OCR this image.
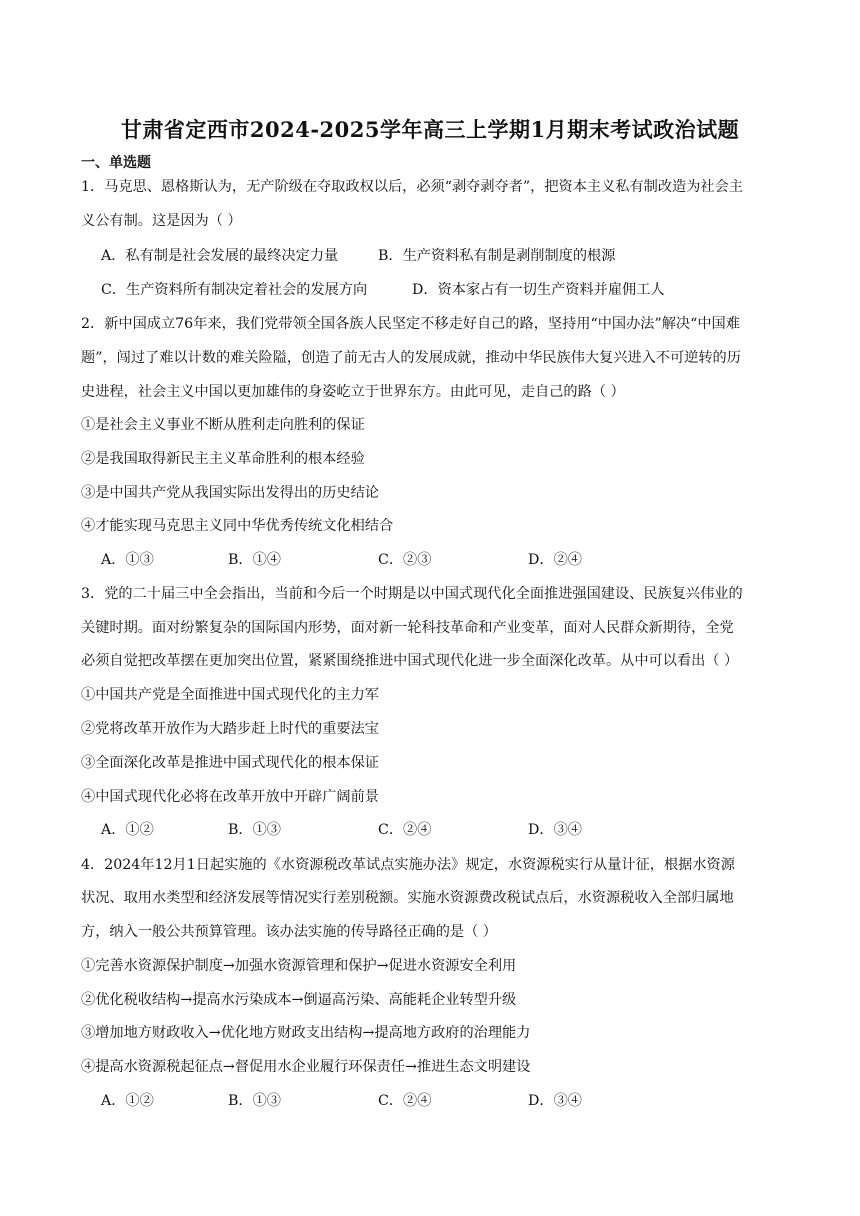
甘肃省定西市2024-2025学年高三上学期1月期末考试政治试题
一、单选题
1．马克思、恩格斯认为，无产阶级在夺取政权以后，必须“剥夺剥夺者”，把资本主义私有制改造为社会主
义公有制。这是因为（ ）
A．私有制是社会发展的最终决定力量	B．生产资料私有制是剥削制度的根源
C．生产资料所有制决定着社会的发展方向	D．资本家占有一切生产资料并雇佣工人
2．新中国成立76年来，我们党带领全国各族人民坚定不移走好自己的路，坚持用“中国办法”解决“中国难
题”，闯过了难以计数的难关险隘，创造了前无古人的发展成就，推动中华民族伟大复兴进入不可逆转的历
史进程，社会主义中国以更加雄伟的身姿屹立于世界东方。由此可见，走自己的路（ ）
①是社会主义事业不断从胜利走向胜利的保证
②是我国取得新民主主义革命胜利的根本经验
③是中国共产党从我国实际出发得出的历史结论
④才能实现马克思主义同中华优秀传统文化相结合
A．①③	B．①④	C．②③	D．②④
3．党的二十届三中全会指出，当前和今后一个时期是以中国式现代化全面推进强国建设、民族复兴伟业的
关键时期。面对纷繁复杂的国际国内形势，面对新一轮科技革命和产业变革，面对人民群众新期待，全党
必须自觉把改革摆在更加突出位置，紧紧围绕推进中国式现代化进一步全面深化改革。从中可以看出（ ）
①中国共产党是全面推进中国式现代化的主力军
②党将改革开放作为大踏步赶上时代的重要法宝
③全面深化改革是推进中国式现代化的根本保证
④中国式现代化必将在改革开放中开辟广阔前景
A．①②	B．①③	C．②④	D．③④
4．2024年12月1日起实施的《水资源税改革试点实施办法》规定，水资源税实行从量计征，根据水资源
状况、取用水类型和经济发展等情况实行差别税额。实施水资源费改税试点后，水资源税收入全部归属地
方，纳入一般公共预算管理。该办法实施的传导路径正确的是（ ）
①完善水资源保护制度→加强水资源管理和保护→促进水资源安全利用
②优化税收结构→提高水污染成本→倒逼高污染、高能耗企业转型升级
③增加地方财政收入→优化地方财政支出结构→提高地方政府的治理能力
④提高水资源税起征点→督促用水企业履行环保责任→推进生态文明建设
A．①②	B．①③	C．②④	D．③④
